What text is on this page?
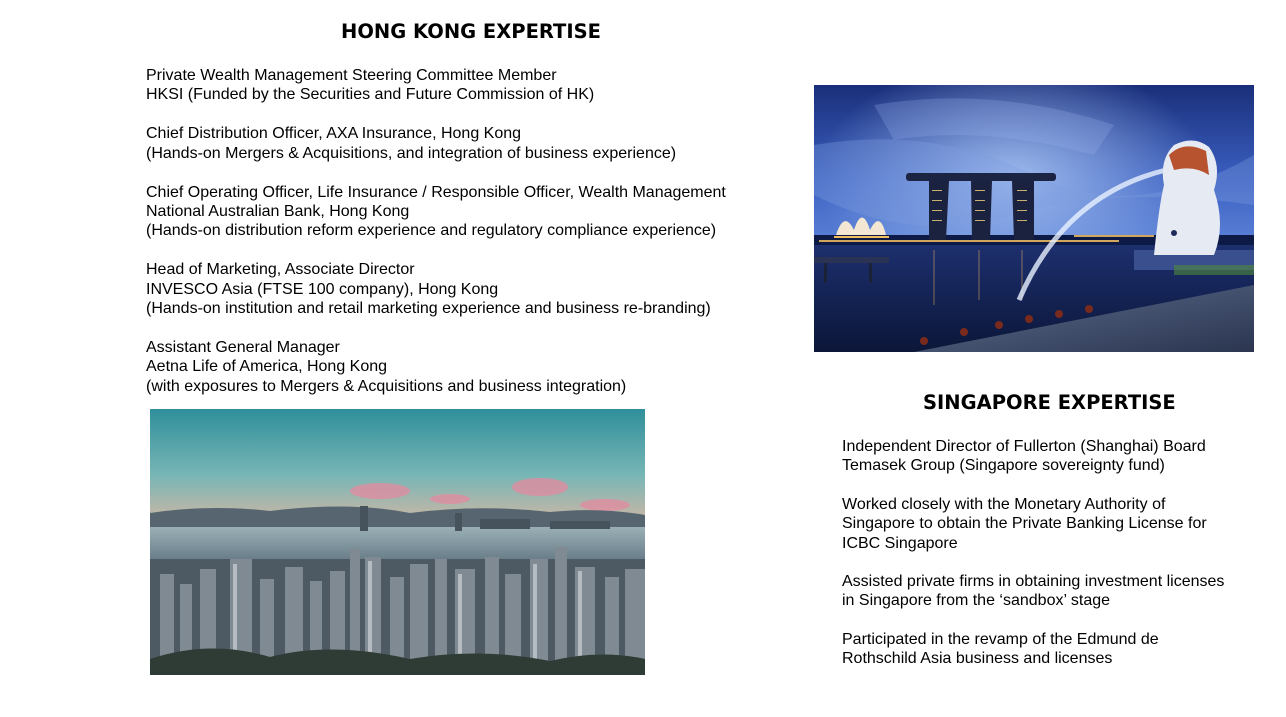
HONG KONG EXPERTISE
Private Wealth Management Steering Committee Member
HKSI (Funded by the Securities and Future Commission of HK)
Chief Distribution Officer, AXA Insurance, Hong Kong
(Hands-on Mergers & Acquisitions, and integration of business experience)
Chief Operating Officer, Life Insurance / Responsible Officer, Wealth Management
National Australian Bank, Hong Kong
(Hands-on distribution reform experience and regulatory compliance experience)
Head of Marketing, Associate Director
INVESCO Asia (FTSE 100 company), Hong Kong
(Hands-on institution and retail marketing experience and business re-branding)
Assistant General Manager
Aetna Life of America, Hong Kong
(with exposures to Mergers & Acquisitions and business integration)
SINGAPORE EXPERTISE
Independent Director of Fullerton (Shanghai) Board
Temasek Group (Singapore sovereignty fund)
Worked closely with the Monetary Authority of
Singapore to obtain the Private Banking License for
ICBC Singapore
Assisted private firms in obtaining investment licenses
in Singapore from the ‘sandbox’ stage
Participated in the revamp of the Edmund de
Rothschild Asia business and licenses
